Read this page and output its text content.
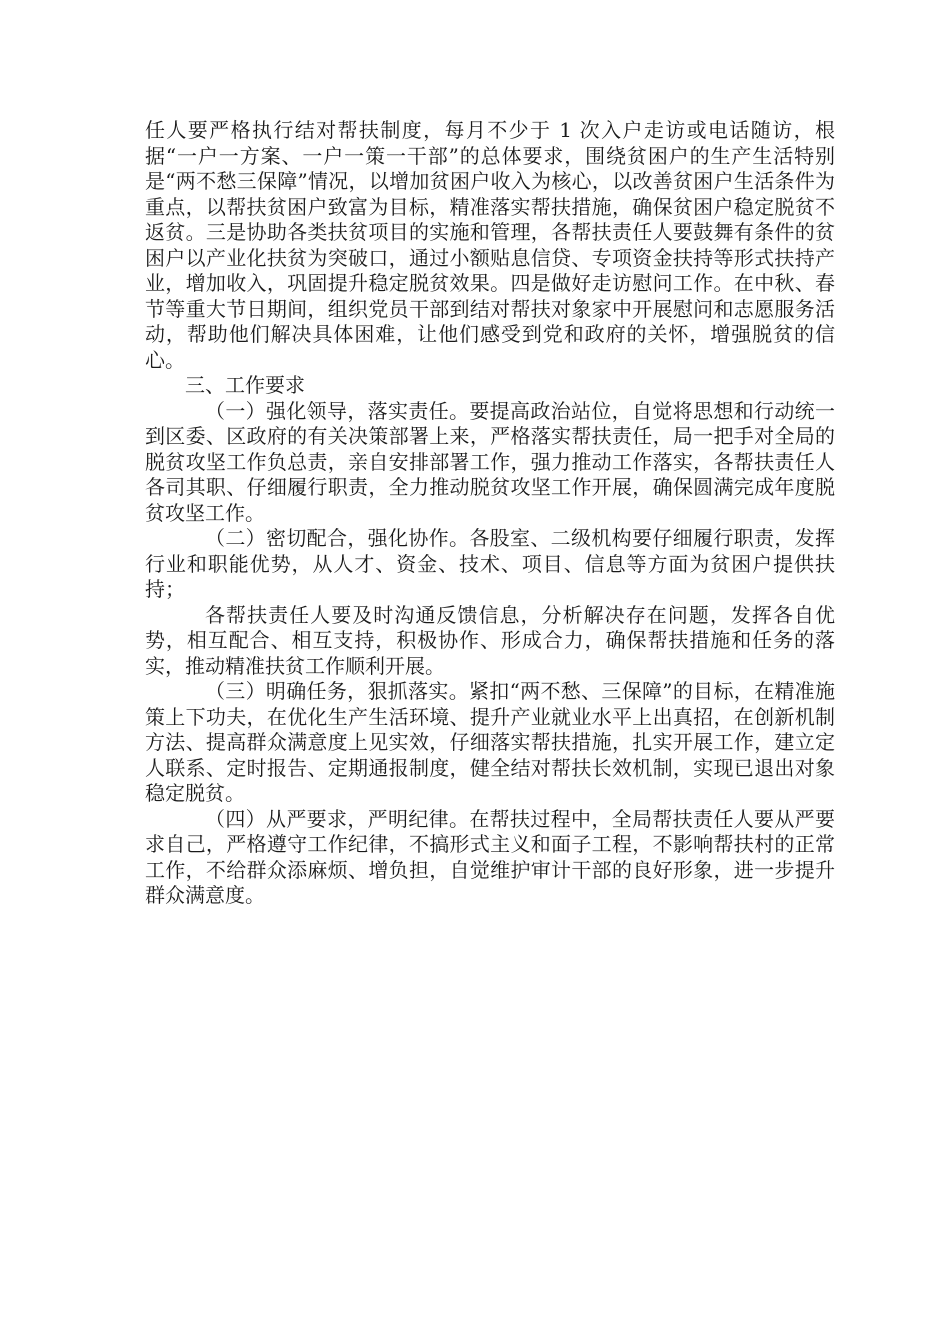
任人要严格执行结对帮扶制度，每月不少于 1 次入户走访或电话随访，根据“一户一方案、一户一策一干部”的总体要求，围绕贫困户的生产生活特别是“两不愁三保障”情况，以增加贫困户收入为核心，以改善贫困户生活条件为重点，以帮扶贫困户致富为目标，精准落实帮扶措施，确保贫困户稳定脱贫不返贫。三是协助各类扶贫项目的实施和管理，各帮扶责任人要鼓舞有条件的贫困户以产业化扶贫为突破口，通过小额贴息信贷、专项资金扶持等形式扶持产业，增加收入，巩固提升稳定脱贫效果。四是做好走访慰问工作。在中秋、春节等重大节日期间，组织党员干部到结对帮扶对象家中开展慰问和志愿服务活动，帮助他们解决具体困难，让他们感受到党和政府的关怀，增强脱贫的信心。

三、工作要求

（一）强化领导，落实责任。要提高政治站位，自觉将思想和行动统一到区委、区政府的有关决策部署上来，严格落实帮扶责任，局一把手对全局的脱贫攻坚工作负总责，亲自安排部署工作，强力推动工作落实，各帮扶责任人各司其职、仔细履行职责，全力推动脱贫攻坚工作开展，确保圆满完成年度脱贫攻坚工作。

（二）密切配合，强化协作。各股室、二级机构要仔细履行职责，发挥行业和职能优势，从人才、资金、技术、项目、信息等方面为贫困户提供扶持；

各帮扶责任人要及时沟通反馈信息，分析解决存在问题，发挥各自优势，相互配合、相互支持，积极协作、形成合力，确保帮扶措施和任务的落实，推动精准扶贫工作顺利开展。

（三）明确任务，狠抓落实。紧扣“两不愁、三保障”的目标，在精准施策上下功夫，在优化生产生活环境、提升产业就业水平上出真招，在创新机制方法、提高群众满意度上见实效，仔细落实帮扶措施，扎实开展工作，建立定人联系、定时报告、定期通报制度，健全结对帮扶长效机制，实现已退出对象稳定脱贫。

（四）从严要求，严明纪律。在帮扶过程中，全局帮扶责任人要从严要求自己，严格遵守工作纪律，不搞形式主义和面子工程，不影响帮扶村的正常工作，不给群众添麻烦、增负担，自觉维护审计干部的良好形象，进一步提升群众满意度。
